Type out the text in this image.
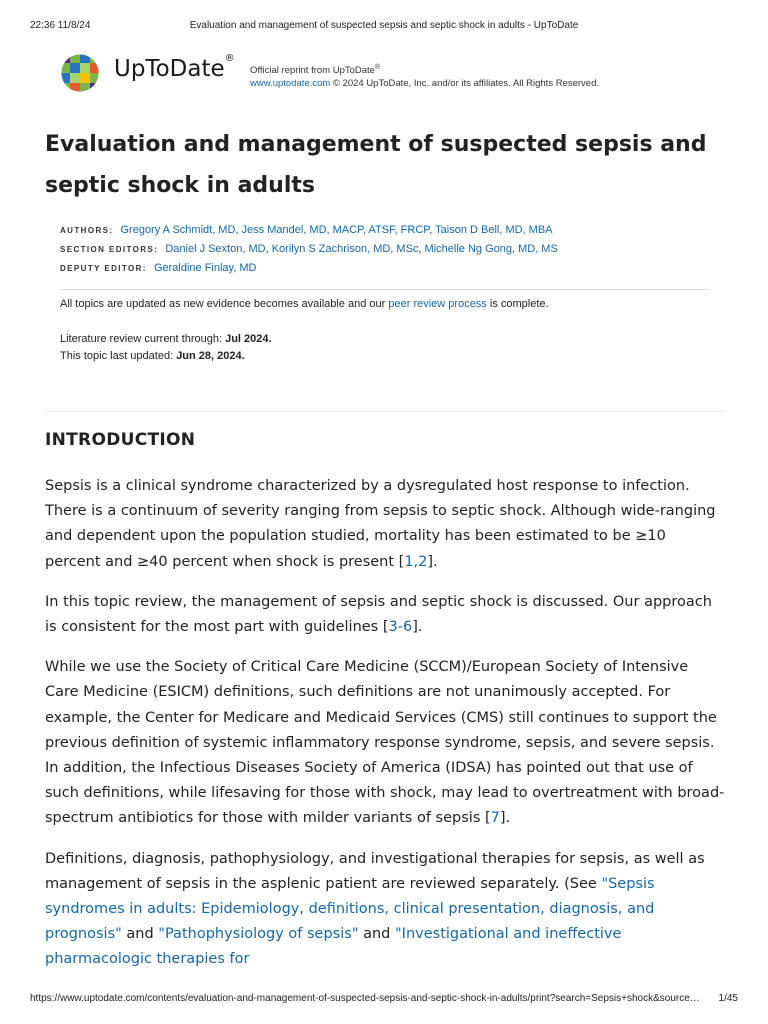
22:36 11/8/24	Evaluation and management of suspected sepsis and septic shock in adults - UpToDate
UpToDate®
Official reprint from UpToDate®
www.uptodate.com © 2024 UpToDate, Inc. and/or its affiliates. All Rights Reserved.
Evaluation and management of suspected sepsis and septic shock in adults
AUTHORS: Gregory A Schmidt, MD, Jess Mandel, MD, MACP, ATSF, FRCP, Taison D Bell, MD, MBA
SECTION EDITORS: Daniel J Sexton, MD, Korilyn S Zachrison, MD, MSc, Michelle Ng Gong, MD, MS
DEPUTY EDITOR: Geraldine Finlay, MD
All topics are updated as new evidence becomes available and our peer review process is complete.
Literature review current through: Jul 2024.
This topic last updated: Jun 28, 2024.
INTRODUCTION

Sepsis is a clinical syndrome characterized by a dysregulated host response to infection. There is a continuum of severity ranging from sepsis to septic shock. Although wide-ranging and dependent upon the population studied, mortality has been estimated to be ≥10 percent and ≥40 percent when shock is present [1,2].

In this topic review, the management of sepsis and septic shock is discussed. Our approach is consistent for the most part with guidelines [3-6].

While we use the Society of Critical Care Medicine (SCCM)/European Society of Intensive Care Medicine (ESICM) definitions, such definitions are not unanimously accepted. For example, the Center for Medicare and Medicaid Services (CMS) still continues to support the previous definition of systemic inflammatory response syndrome, sepsis, and severe sepsis. In addition, the Infectious Diseases Society of America (IDSA) has pointed out that use of such definitions, while lifesaving for those with shock, may lead to overtreatment with broad-spectrum antibiotics for those with milder variants of sepsis [7].

Definitions, diagnosis, pathophysiology, and investigational therapies for sepsis, as well as management of sepsis in the asplenic patient are reviewed separately. (See "Sepsis syndromes in adults: Epidemiology, definitions, clinical presentation, diagnosis, and prognosis" and "Pathophysiology of sepsis" and "Investigational and ineffective pharmacologic therapies for

https://www.uptodate.com/contents/evaluation-and-management-of-suspected-sepsis-and-septic-shock-in-adults/print?search=Sepsis+shock&source…	1/45
